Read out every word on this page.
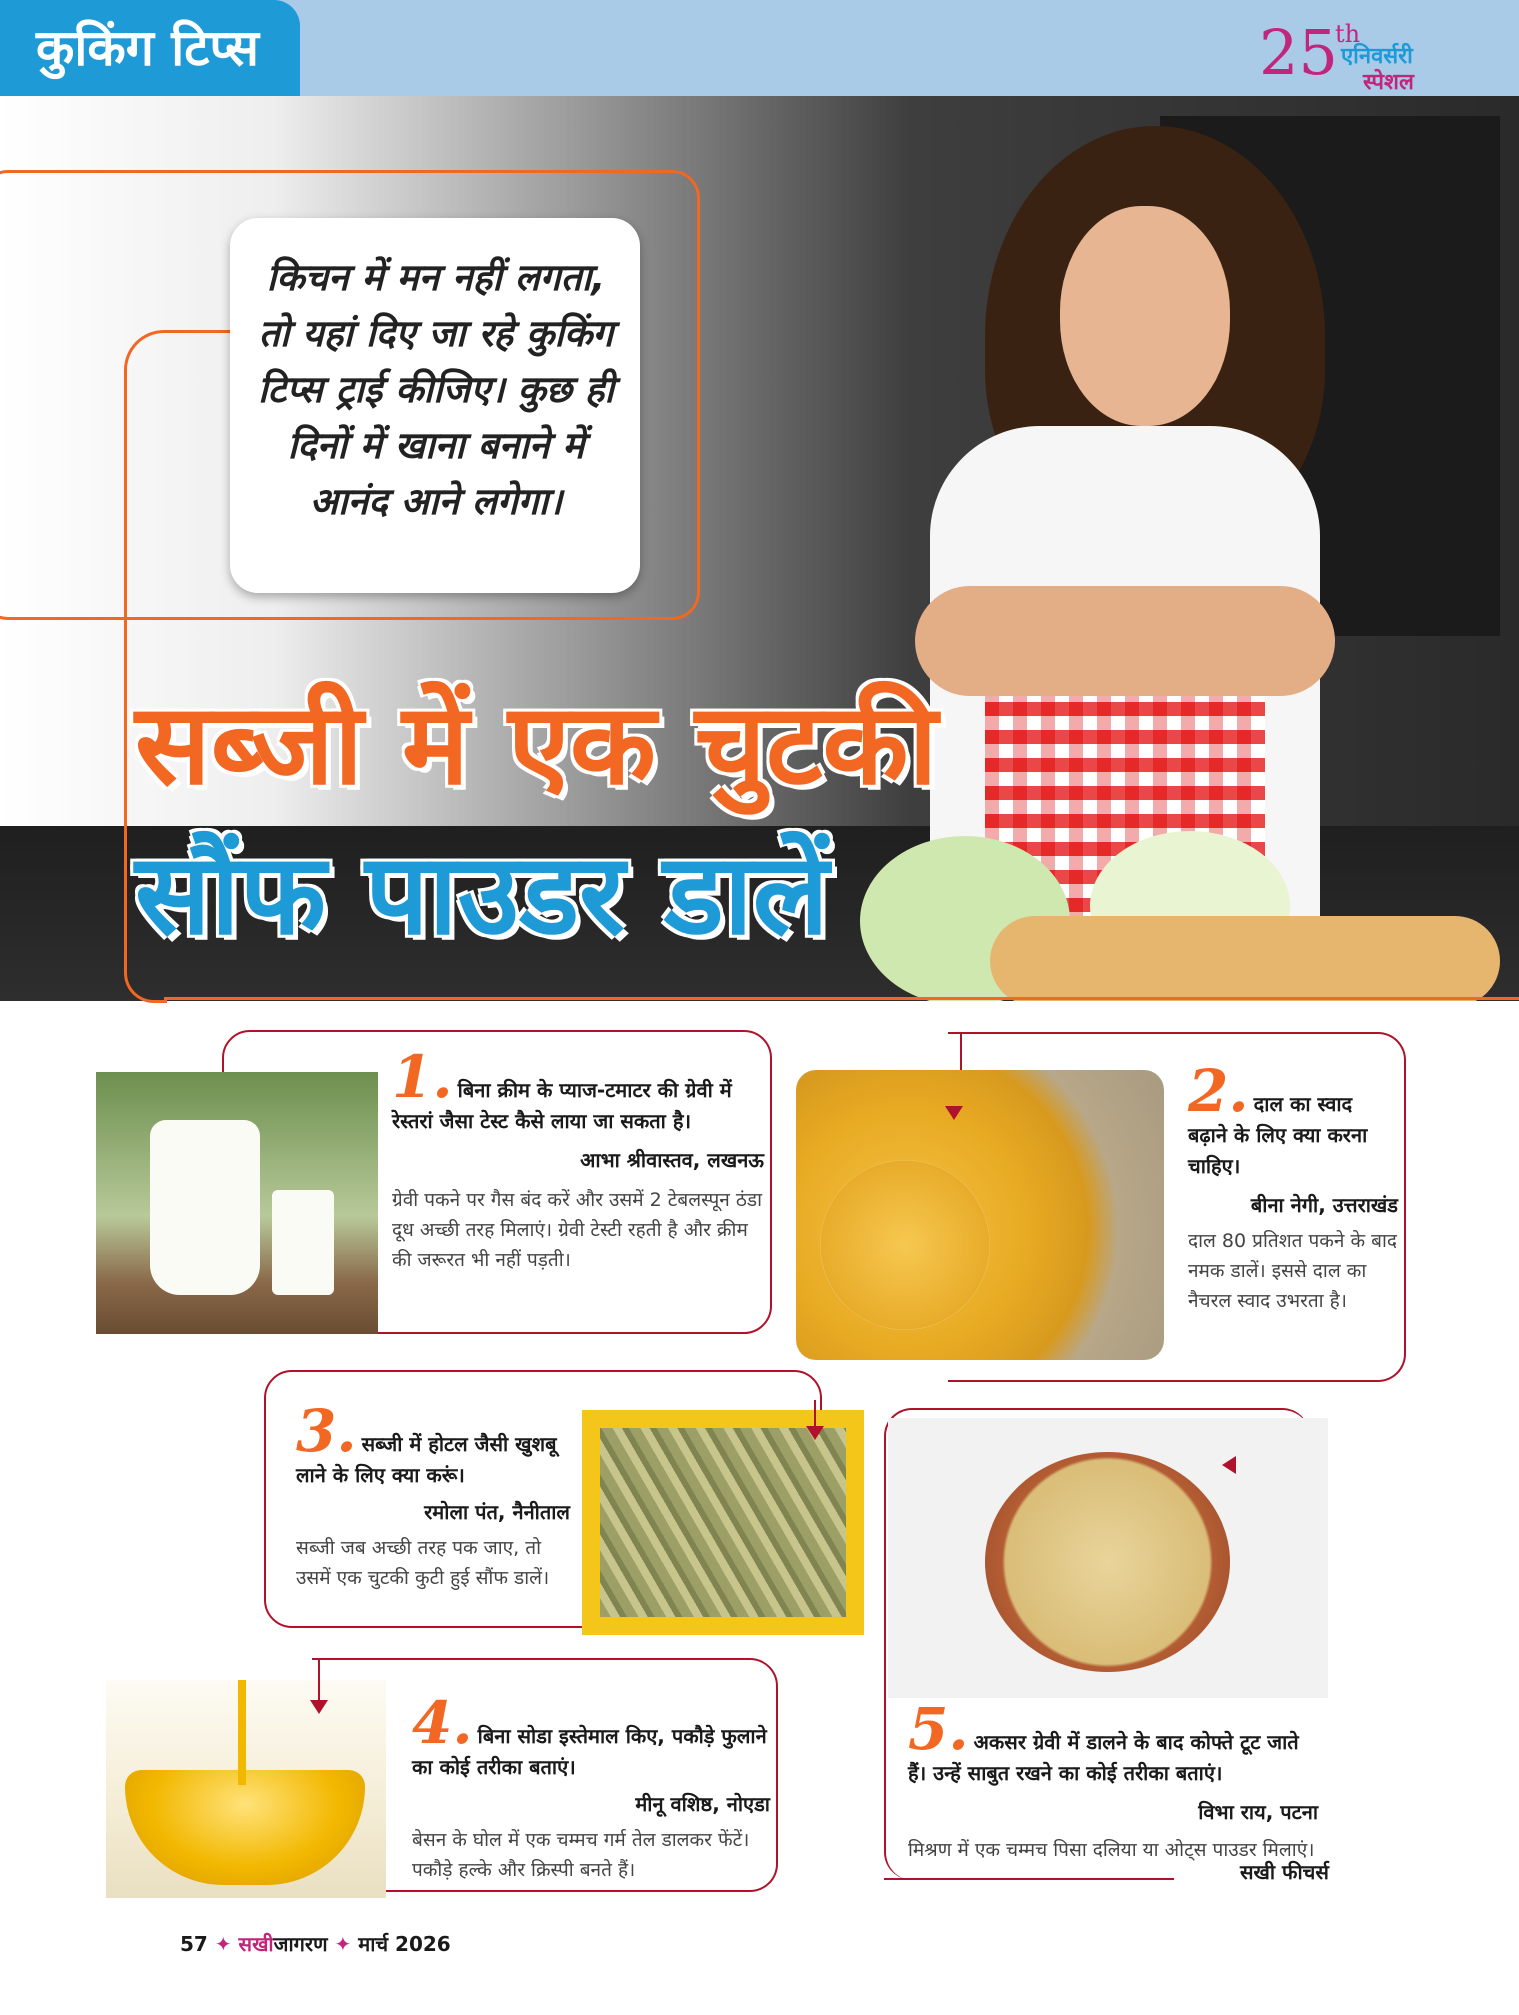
कुकिंग टिप्स	25
th
एनिवर्सरी
स्पेशल
किचन में मन नहीं लगता, तो यहां दिए जा रहे कुकिंग टिप्स ट्राई कीजिए। कुछ ही दिनों में खाना बनाने में आनंद आने लगेगा।
सब्जी में एक चुटकी
सौंफ पाउडर डालें
1. बिना क्रीम के प्याज-टमाटर की ग्रेवी में रेस्तरां जैसा टेस्ट कैसे लाया जा सकता है।
आभा श्रीवास्तव, लखनऊ
ग्रेवी पकने पर गैस बंद करें और उसमें 2 टेबलस्पून ठंडा दूध अच्छी तरह मिलाएं। ग्रेवी टेस्टी रहती है और क्रीम की जरूरत भी नहीं पड़ती।
2. दाल का स्वाद बढ़ाने के लिए क्या करना चाहिए।
बीना नेगी, उत्तराखंड
दाल 80 प्रतिशत पकने के बाद नमक डालें। इससे दाल का नैचरल स्वाद उभरता है।
3. सब्जी में होटल जैसी खुशबू लाने के लिए क्या करूं।
रमोला पंत, नैनीताल
सब्जी जब अच्छी तरह पक जाए, तो उसमें एक चुटकी कुटी हुई सौंफ डालें।
5. अकसर ग्रेवी में डालने के बाद कोफ्ते टूट जाते हैं। उन्हें साबुत रखने का कोई तरीका बताएं।
विभा राय, पटना
मिश्रण में एक चम्मच पिसा दलिया या ओट्स पाउडर मिलाएं।
सखी फीचर्स
4. बिना सोडा इस्तेमाल किए, पकौड़े फुलाने का कोई तरीका बताएं।
मीनू वशिष्ठ, नोएडा
बेसन के घोल में एक चम्मच गर्म तेल डालकर फेंटें। पकौड़े हल्के और क्रिस्पी बनते हैं।
57 ✦ सखीजागरण ✦ मार्च 2026
